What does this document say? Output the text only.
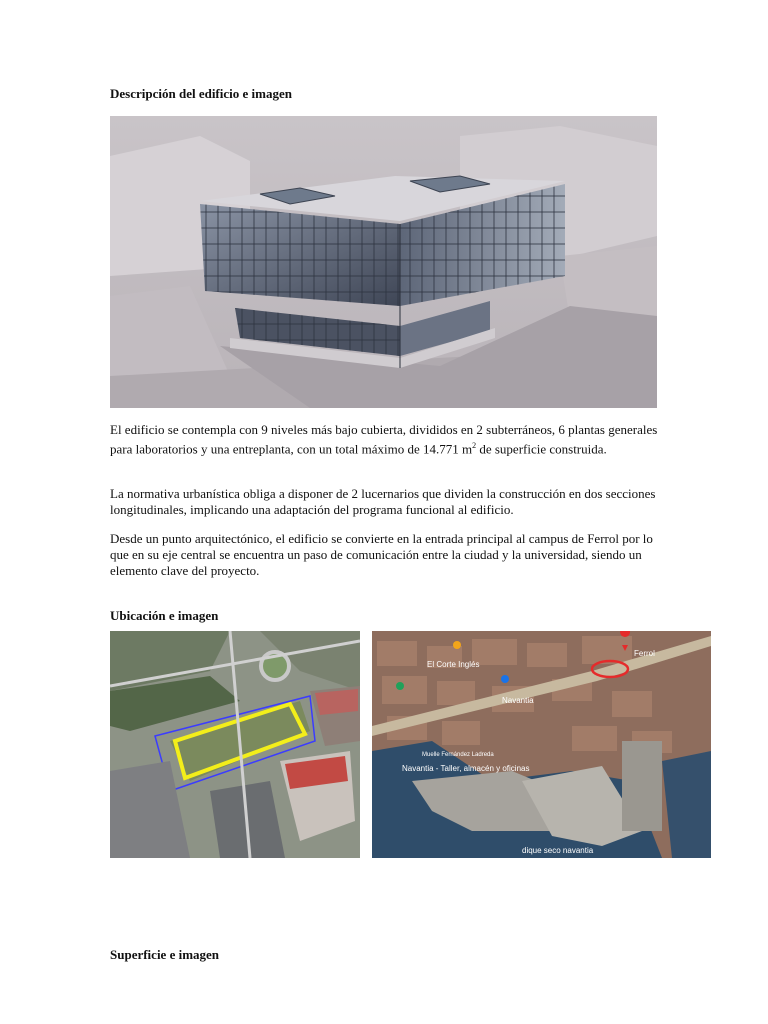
Descripción del edificio e imagen

El edificio se contempla con 9 niveles más bajo cubierta, divididos en 2 subterráneos, 6 plantas generales para laboratorios y una entreplanta, con un total máximo de 14.771 $m^2$ de superficie construida.

La normativa urbanística obliga a disponer de 2 lucernarios que dividen la construcción en dos secciones longitudinales, implicando una adaptación del programa funcional al edificio.

Desde un punto arquitectónico, el edificio se convierte en la entrada principal al campus de Ferrol por lo que en su eje central se encuentra un paso de comunicación entre la ciudad y la universidad, siendo un elemento clave del proyecto.

Ubicación e imagen
Navantia - Taller, almacén y oficinas
Navantia
dique seco navantia
Ferrol
El Corte Inglés
Muelle Fernández Ladreda
Superficie e imagen
